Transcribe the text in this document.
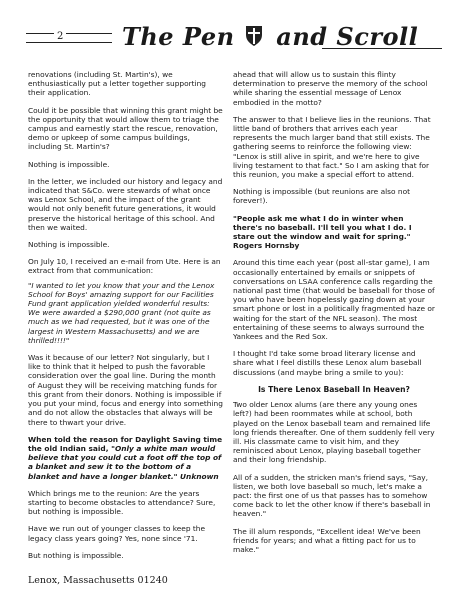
2 The Pen and Scroll

renovations (including St. Martin's), we enthusiastically put a letter together supporting their application.

Could it be possible that winning this grant might be the opportunity that would allow them to triage the campus and earnestly start the rescue, renovation, demo or upkeep of some campus buildings, including St. Martin's?

Nothing is impossible.

In the letter, we included our history and legacy and indicated that S&Co. were stewards of what once was Lenox School, and the impact of the grant would not only benefit future generations, it would preserve the historical heritage of this school. And then we waited.

Nothing is impossible.

On July 10, I received an e-mail from Ute. Here is an extract from that communication:

"I wanted to let you know that your and the Lenox School for Boys' amazing support for our Facilities Fund grant application yielded wonderful results: We were awarded a $290,000 grant (not quite as much as we had requested, but it was one of the largest in Western Massachusetts) and we are thrilled!!!!"

Was it because of our letter? Not singularly, but I like to think that it helped to push the favorable consideration over the goal line. During the month of August they will be receiving matching funds for this grant from their donors. Nothing is impossible if you put your mind, focus and energy into something and do not allow the obstacles that always will be there to thwart your drive.

When told the reason for Daylight Saving time the old Indian said, "Only a white man would believe that you could cut a foot off the top of a blanket and sew it to the bottom of a blanket and have a longer blanket." Unknown

Which brings me to the reunion: Are the years starting to become obstacles to attendance? Sure, but nothing is impossible.

Have we run out of younger classes to keep the legacy class years going? Yes, none since '71.

But nothing is impossible.

ahead that will allow us to sustain this flinty determination to preserve the memory of the school while sharing the essential message of Lenox embodied in the motto?

The answer to that I believe lies in the reunions. That little band of brothers that arrives each year represents the much larger band that still exists. The gathering seems to reinforce the following view: "Lenox is still alive in spirit, and we're here to give living testament to that fact." So I am asking that for this reunion, you make a special effort to attend.

Nothing is impossible (but reunions are also not forever!).

"People ask me what I do in winter when there's no baseball. I'll tell you what I do. I stare out the window and wait for spring." Rogers Hornsby

Around this time each year (post all-star game), I am occasionally entertained by emails or snippets of conversations on LSAA conference calls regarding the national past time (that would be baseball for those of you who have been hopelessly gazing down at your smart phone or lost in a politically fragmented haze or waiting for the start of the NFL season). The most entertaining of these seems to always surround the Yankees and the Red Sox.

I thought I'd take some broad literary license and share what I feel distills these Lenox alum baseball discussions (and maybe bring a smile to you):

Is There Lenox Baseball In Heaven?

Two older Lenox alums (are there any young ones left?) had been roommates while at school, both played on the Lenox baseball team and remained life long friends thereafter. One of them suddenly fell very ill. His classmate came to visit him, and they reminisced about Lenox, playing baseball together and their long friendship.

All of a sudden, the stricken man's friend says, "Say, listen, we both love baseball so much, let's make a pact: the first one of us that passes has to somehow come back to let the other know if there's baseball in heaven."

The ill alum responds, "Excellent idea! We've been friends for years; and what a fitting pact for us to make."

Lenox, Massachusetts 01240
